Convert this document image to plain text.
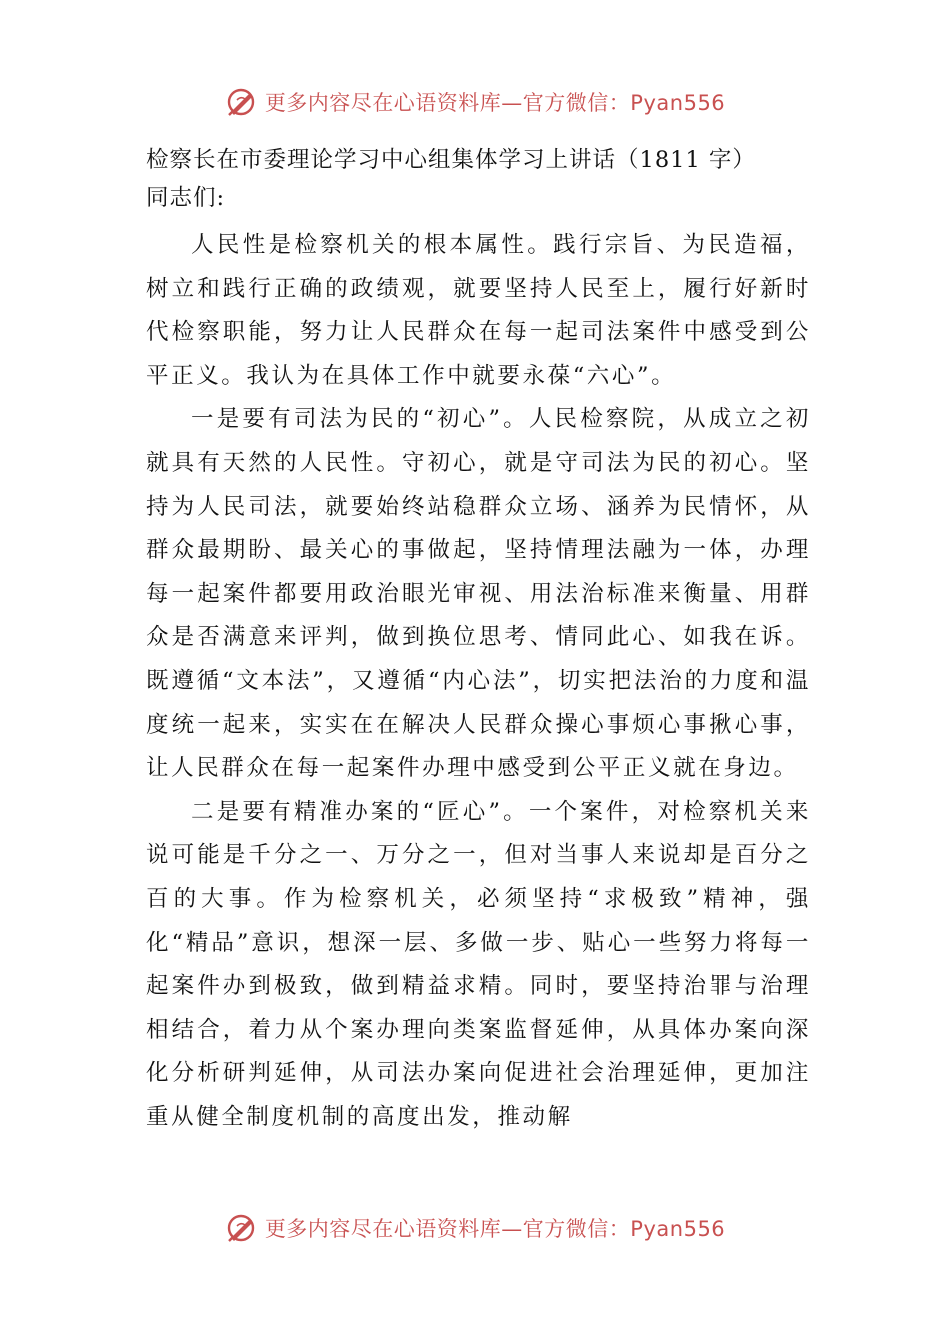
更多内容尽在心语资料库—官方微信：Pyan556

检察长在市委理论学习中心组集体学习上讲话（1811 字）

同志们:

人民性是检察机关的根本属性。践行宗旨、为民造福，树立和践行正确的政绩观，就要坚持人民至上，履行好新时代检察职能，努力让人民群众在每一起司法案件中感受到公平正义。我认为在具体工作中就要永葆“六心”。

一是要有司法为民的“初心”。人民检察院，从成立之初就具有天然的人民性。守初心，就是守司法为民的初心。坚持为人民司法，就要始终站稳群众立场、涵养为民情怀，从群众最期盼、最关心的事做起，坚持情理法融为一体，办理每一起案件都要用政治眼光审视、用法治标准来衡量、用群众是否满意来评判，做到换位思考、情同此心、如我在诉。既遵循“文本法”，又遵循“内心法”，切实把法治的力度和温度统一起来，实实在在解决人民群众操心事烦心事揪心事，让人民群众在每一起案件办理中感受到公平正义就在身边。

二是要有精准办案的“匠心”。一个案件，对检察机关来说可能是千分之一、万分之一，但对当事人来说却是百分之百的大事。作为检察机关，必须坚持“求极致”精神，强化“精品”意识，想深一层、多做一步、贴心一些努力将每一起案件办到极致，做到精益求精。同时，要坚持治罪与治理相结合，着力从个案办理向类案监督延伸，从具体办案向深化分析研判延伸，从司法办案向促进社会治理延伸，更加注重从健全制度机制的高度出发，推动解

更多内容尽在心语资料库—官方微信：Pyan556
